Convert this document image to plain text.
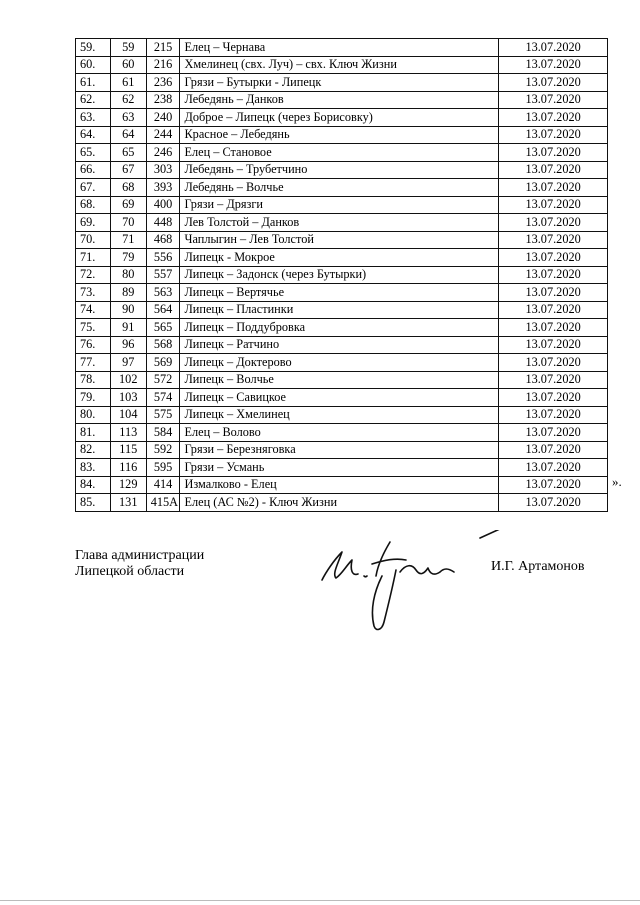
59.	59	215	Елец – Чернава	13.07.2020
60.	60	216	Хмелинец (свх. Луч) – свх. Ключ Жизни	13.07.2020
61.	61	236	Грязи – Бутырки - Липецк	13.07.2020
62.	62	238	Лебедянь – Данков	13.07.2020
63.	63	240	Доброе – Липецк (через Борисовку)	13.07.2020
64.	64	244	Красное – Лебедянь	13.07.2020
65.	65	246	Елец – Становое	13.07.2020
66.	67	303	Лебедянь – Трубетчино	13.07.2020
67.	68	393	Лебедянь – Волчье	13.07.2020
68.	69	400	Грязи – Дрязги	13.07.2020
69.	70	448	Лев Толстой – Данков	13.07.2020
70.	71	468	Чаплыгин – Лев Толстой	13.07.2020
71.	79	556	Липецк - Мокрое	13.07.2020
72.	80	557	Липецк – Задонск (через Бутырки)	13.07.2020
73.	89	563	Липецк – Вертячье	13.07.2020
74.	90	564	Липецк – Пластинки	13.07.2020
75.	91	565	Липецк – Поддубровка	13.07.2020
76.	96	568	Липецк – Ратчино	13.07.2020
77.	97	569	Липецк – Доктерово	13.07.2020
78.	102	572	Липецк – Волчье	13.07.2020
79.	103	574	Липецк – Савицкое	13.07.2020
80.	104	575	Липецк – Хмелинец	13.07.2020
81.	113	584	Елец – Волово	13.07.2020
82.	115	592	Грязи – Березняговка	13.07.2020
83.	116	595	Грязи – Усмань	13.07.2020
84.	129	414	Измалково - Елец	13.07.2020
85.	131	415А	Елец (АС №2) - Ключ Жизни	13.07.2020
».
Глава администрации
Липецкой области	И.Г. Артамонов
